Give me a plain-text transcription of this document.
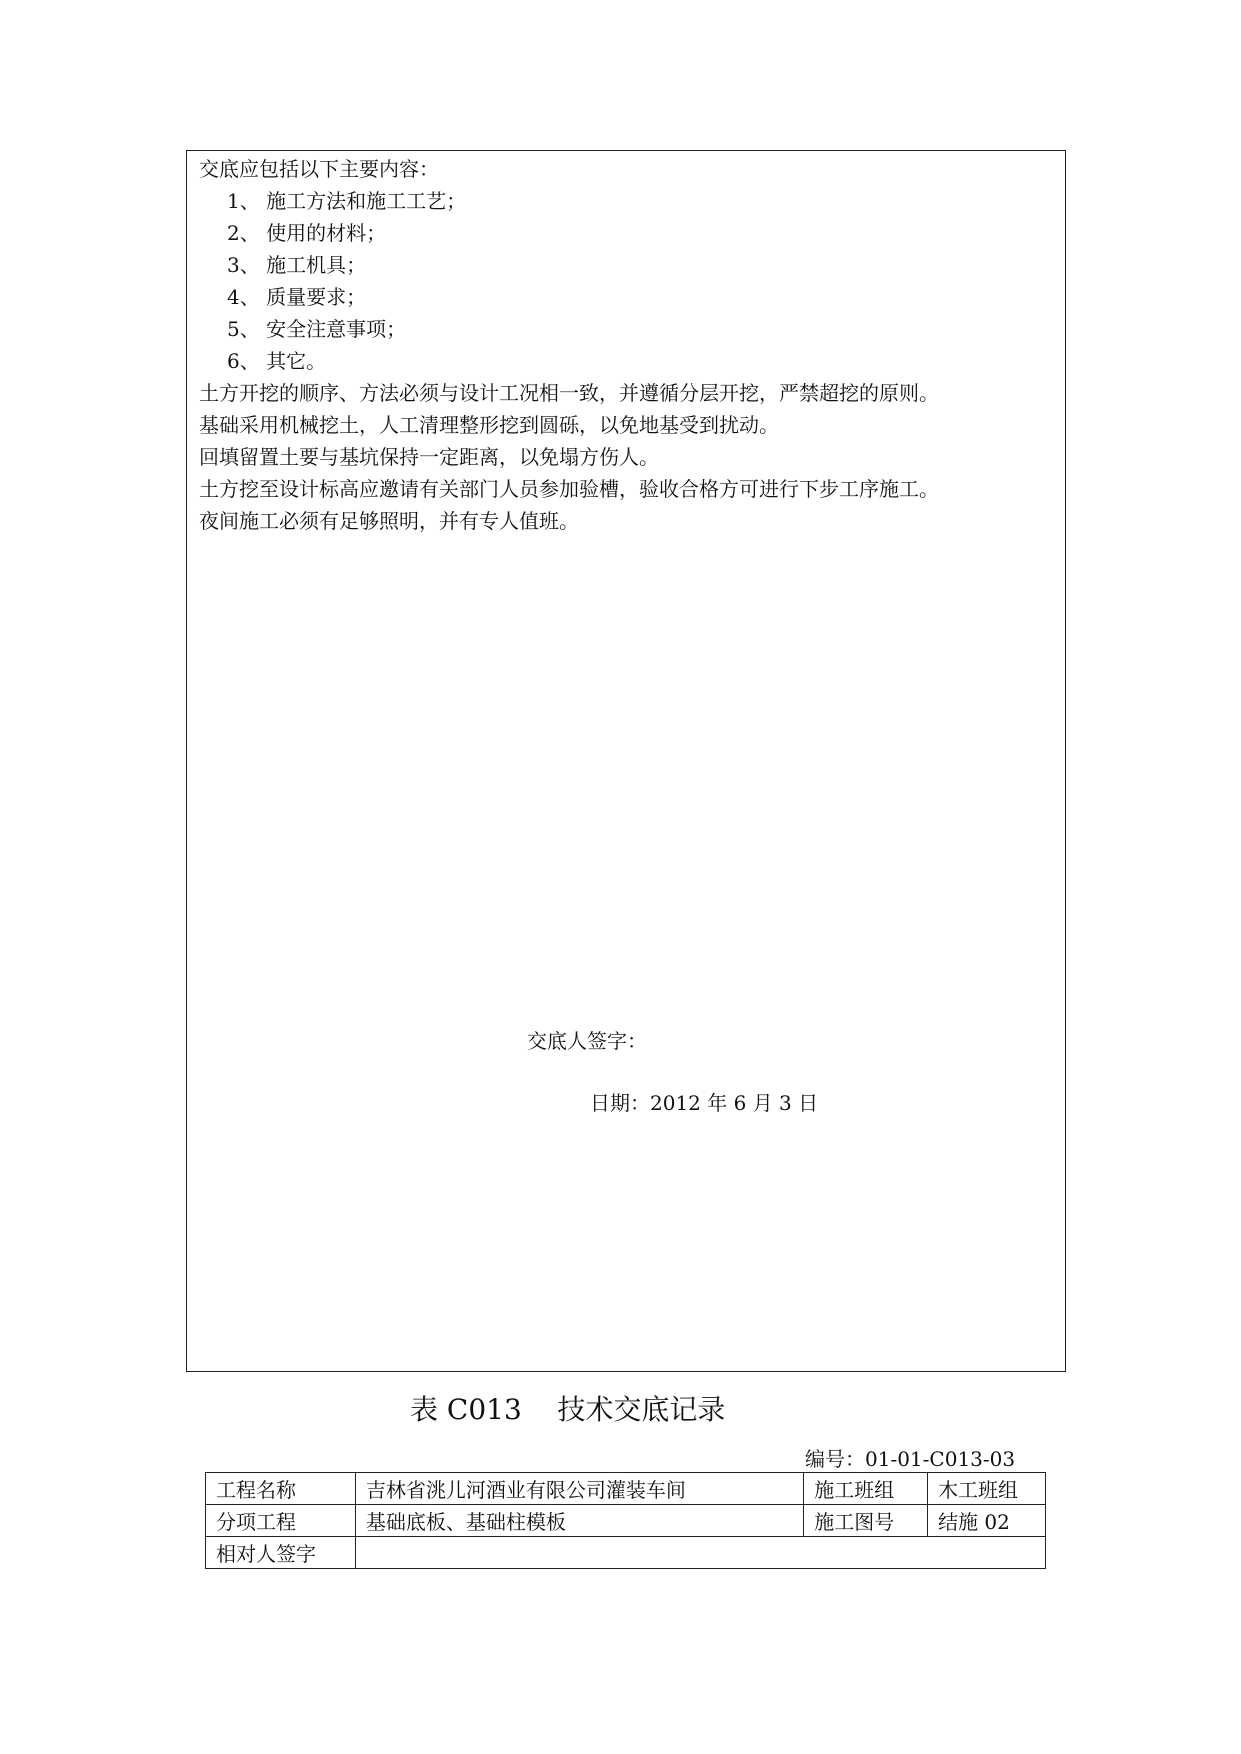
交底应包括以下主要内容：
1、 施工方法和施工工艺；
2、 使用的材料；
3、 施工机具；
4、 质量要求；
5、 安全注意事项；
6、 其它。
土方开挖的顺序、方法必须与设计工况相一致，并遵循分层开挖，严禁超挖的原则。
基础采用机械挖土，人工清理整形挖到圆砾，以免地基受到扰动。
回填留置土要与基坑保持一定距离，以免塌方伤人。
土方挖至设计标高应邀请有关部门人员参加验槽，验收合格方可进行下步工序施工。
夜间施工必须有足够照明，并有专人值班。
交底人签字：
日期：2012 年 6 月 3 日
表 C013    技术交底记录
编号：01-01-C013-03
工程名称	吉林省洮儿河酒业有限公司灌装车间	施工班组	木工班组
分项工程	基础底板、基础柱模板	施工图号	结施 02
相对人签字			
